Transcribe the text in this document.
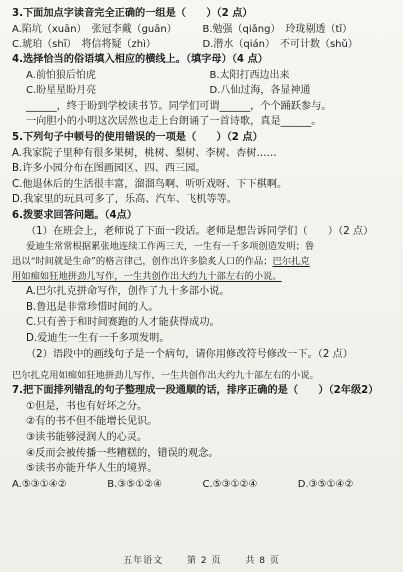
3.下面加点字读音完全正确的一组是（　　）（2 点）
A.陷坑（xuān）　张冠李戴（guān）	B.勉强（qiǎng）　玲珑剔透（tī）
C.琥珀（shī）　将信将疑（zhì）	D.潜水（qián）　不可计数（shǔ）
4.选择恰当的俗语填入相应的横线上。（填字母）（4 点）
A.前怕狼后怕虎	B.太阳打西边出来
C.盼星星盼月亮	D.八仙过海，各显神通
______，终于盼到学校读书节。同学们可谓______，个个踊跃参与。
一向胆小的小明这次居然也走上台朗诵了一首诗歌，真是______。
5.下列句子中顿号的使用错误的一项是（　　）（2 点）
A.我家院子里种有很多果树，桃树、梨树、李树、杏树……
B.许多小园分布在图画园区、四、西三园。
C.他退休后的生活很丰富，溜溜鸟啊、听听戏呀、下下棋啊。
D.我家里的玩具可多了，乐高、汽车、飞机等等。
6.拨要求回答问题。（4点）
（1）在班会上，老师说了下面一段话。老师是想告诉同学们（　　）（2 点）
爱迪生常常根据累张地连续工作两三天，一生有一千多项创造发明；鲁
迅以“时间就是生命”的格言律己，创作出许多脍炙人口的作品；巴尔扎克
用如痴如狂地拼劲儿写作，一生共创作出大约九十部左右的小说。
A.巴尔扎克拼命写作，创作了九十多部小说。
B.鲁迅是非常珍惜时间的人。
C.只有善于和时间赛跑的人才能获得成功。
D.爱迪生一生有一千多项发明。
（2）语段中的画线句子是一个病句，请你用修改符号修改一下。（2 点）
巴尔扎克用如痴如狂地拼劲儿写作，一生共创作出大约九十部左右的小说。
7.把下面排列错乱的句子整理成一段通顺的话，排序正确的是（　　）（2年级2）
①但是，书也有好坏之分。
②有的书不但不能增长见识。
③读书能够浸润人的心灵。
④反而会被传播一些糟糕的，错误的观念。
⑤读书亦能升华人生的境界。
A.⑤③①④②	B.③⑤①②④	C.⑤③①②④	D.③⑤①④②
五年语文	第 2 页	共 8 页
